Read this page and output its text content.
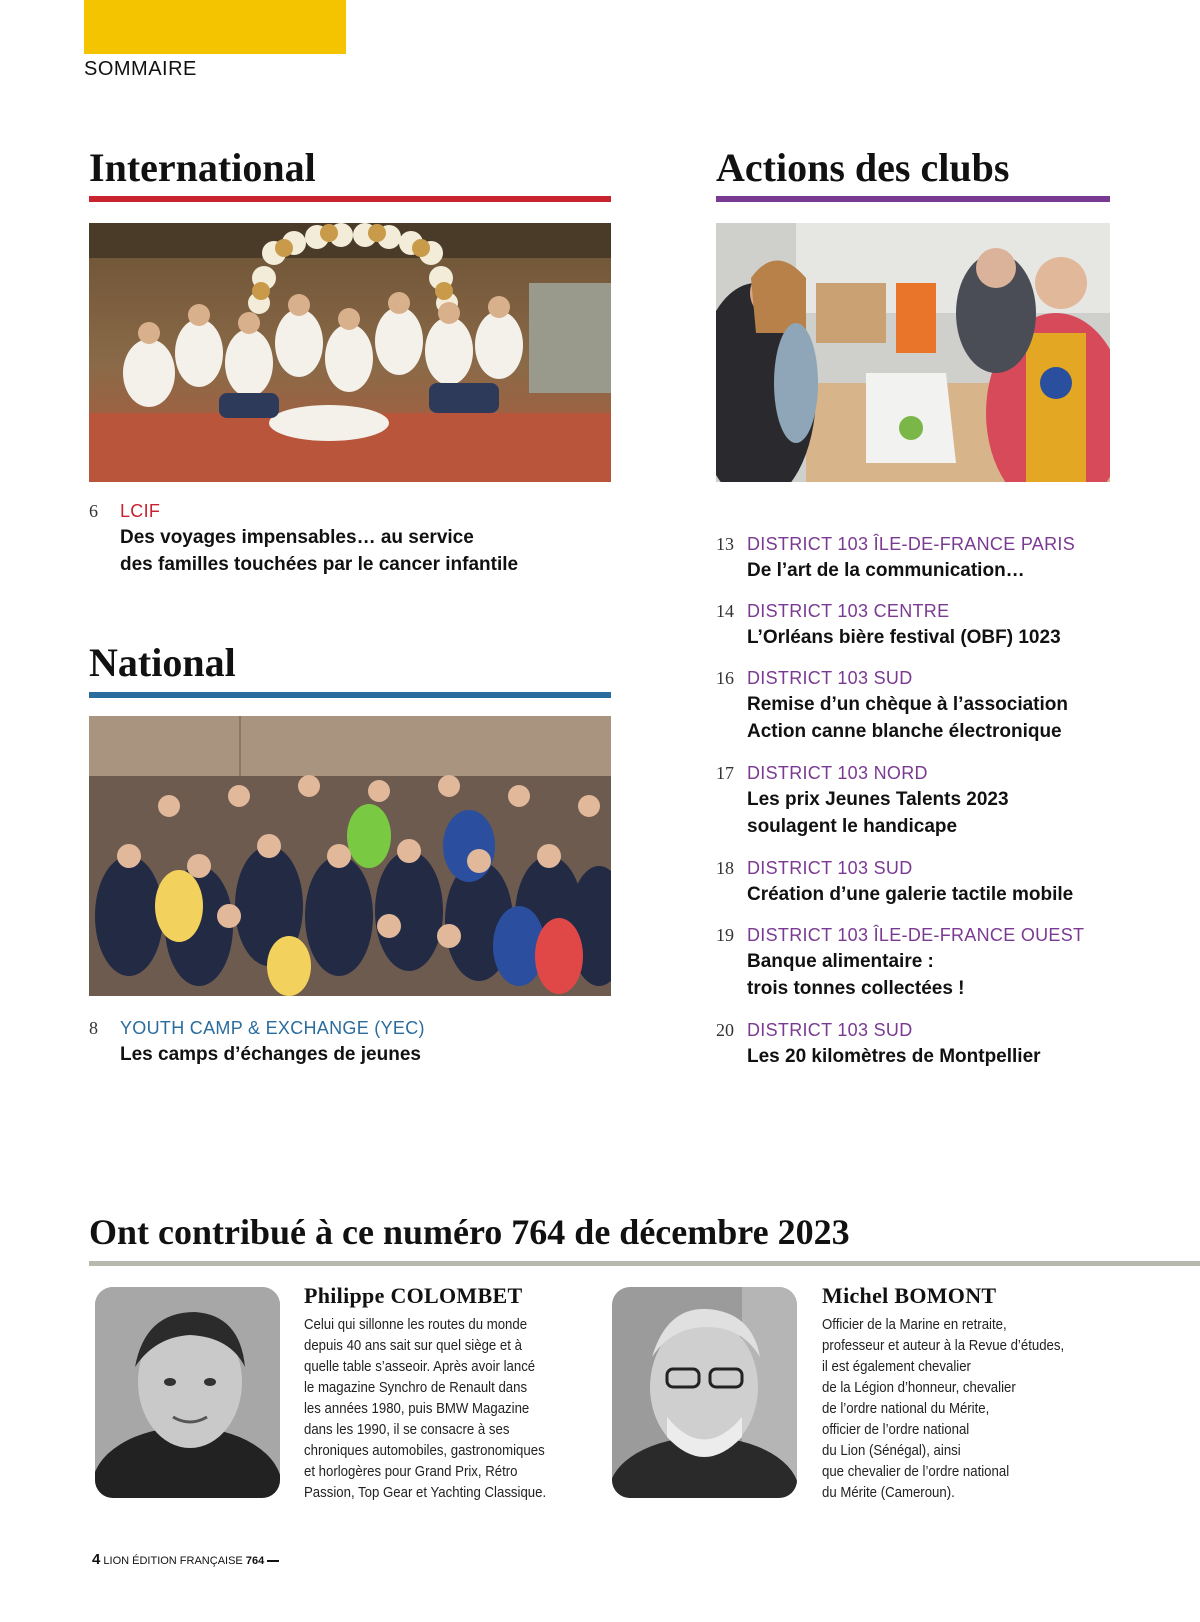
SOMMAIRE
International
6 LCIF
Des voyages impensables… au service
des familles touchées par le cancer infantile
National
8 YOUTH CAMP & EXCHANGE (YEC)
Les camps d’échanges de jeunes
Actions des clubs
13 DISTRICT 103 ÎLE-DE-FRANCE PARIS
De l’art de la communication…
14 DISTRICT 103 CENTRE
L’Orléans bière festival (OBF) 1023
16 DISTRICT 103 SUD
Remise d’un chèque à l’association
Action canne blanche électronique
17 DISTRICT 103 NORD
Les prix Jeunes Talents 2023
soulagent le handicape
18 DISTRICT 103 SUD
Création d’une galerie tactile mobile
19 DISTRICT 103 ÎLE-DE-FRANCE OUEST
Banque alimentaire :
trois tonnes collectées !
20 DISTRICT 103 SUD
Les 20 kilomètres de Montpellier
Ont contribué à ce numéro 764 de décembre 2023
Philippe COLOMBET
Celui qui sillonne les routes du monde
depuis 40 ans sait sur quel siège et à
quelle table s’asseoir. Après avoir lancé
le magazine Synchro de Renault dans
les années 1980, puis BMW Magazine
dans les 1990, il se consacre à ses
chroniques automobiles, gastronomiques
et horlogères pour Grand Prix, Rétro
Passion, Top Gear et Yachting Classique.
Michel BOMONT
Officier de la Marine en retraite,
professeur et auteur à la Revue d’études,
il est également chevalier
de la Légion d’honneur, chevalier
de l’ordre national du Mérite,
officier de l’ordre national
du Lion (Sénégal), ainsi
que chevalier de l’ordre national
du Mérite (Cameroun).
4 LION ÉDITION FRANÇAISE 764
